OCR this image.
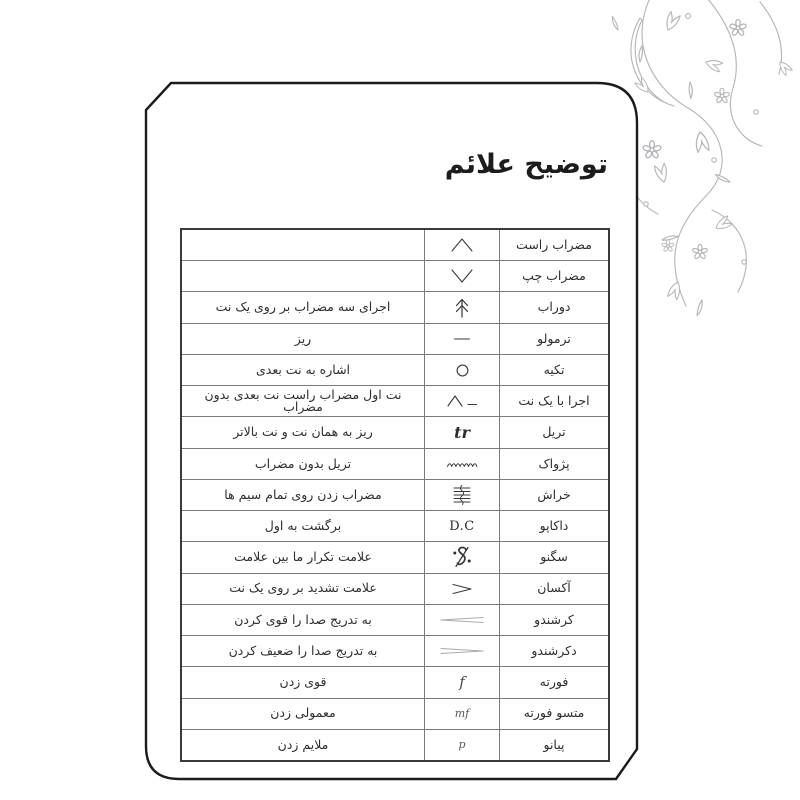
توضیح علائم
مضراب راست
مضراب چپ
اجرای سه مضراب بر روی یک نت	دوراب
ریز	ترمولو
اشاره به نت بعدی	تکیه
نت اول مضراب راست نت بعدی بدون مضراب	اجرا با یک نت
ریز به همان نت و نت بالاتر	tr	تریل
تریل بدون مضراب	پژواک
مضراب زدن روی تمام سیم ها	خراش
برگشت به اول	D.C	داکاپو
علامت تکرار ما بین علامت	سگنو
علامت تشدید بر روی یک نت	آکسان
به تدریج صدا را قوی کردن	کرشندو
به تدریج صدا را ضعیف کردن	دکرشندو
قوی زدن	f	فورته
معمولی زدن	mf	متسو فورته
ملایم زدن	p	پیانو
